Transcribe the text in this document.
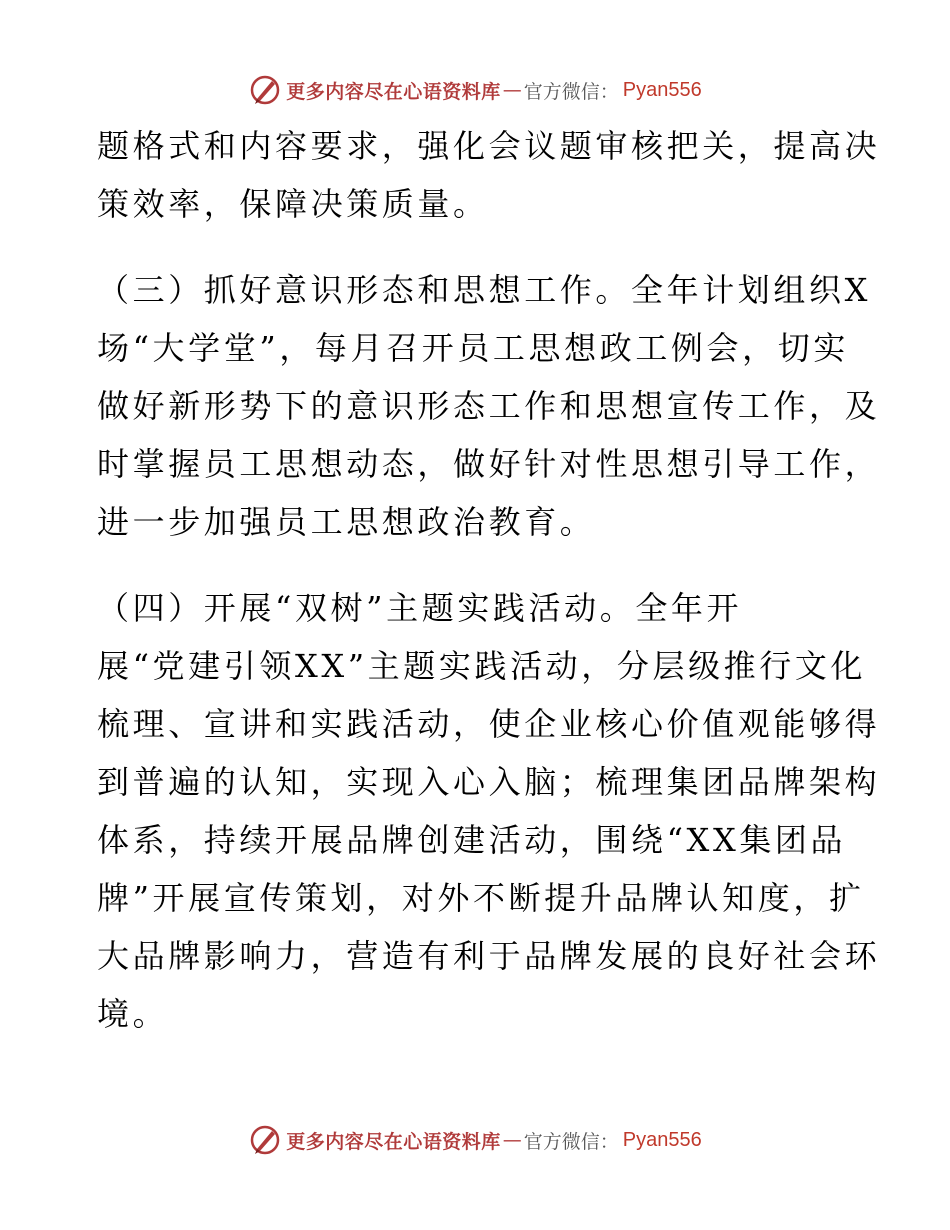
更多内容尽在心语资料库 — 官方微信： Pyan556

题格式和内容要求，强化会议题审核把关，提高决
策效率，保障决策质量。

（三）抓好意识形态和思想工作。全年计划组织X
场“大学堂”，每月召开员工思想政工例会，切实
做好新形势下的意识形态工作和思想宣传工作，及
时掌握员工思想动态，做好针对性思想引导工作，
进一步加强员工思想政治教育。

（四）开展“双树”主题实践活动。全年开
展“党建引领XX”主题实践活动，分层级推行文化
梳理、宣讲和实践活动，使企业核心价值观能够得
到普遍的认知，实现入心入脑；梳理集团品牌架构
体系，持续开展品牌创建活动，围绕“XX集团品
牌”开展宣传策划，对外不断提升品牌认知度，扩
大品牌影响力，营造有利于品牌发展的良好社会环
境。

更多内容尽在心语资料库 — 官方微信： Pyan556
